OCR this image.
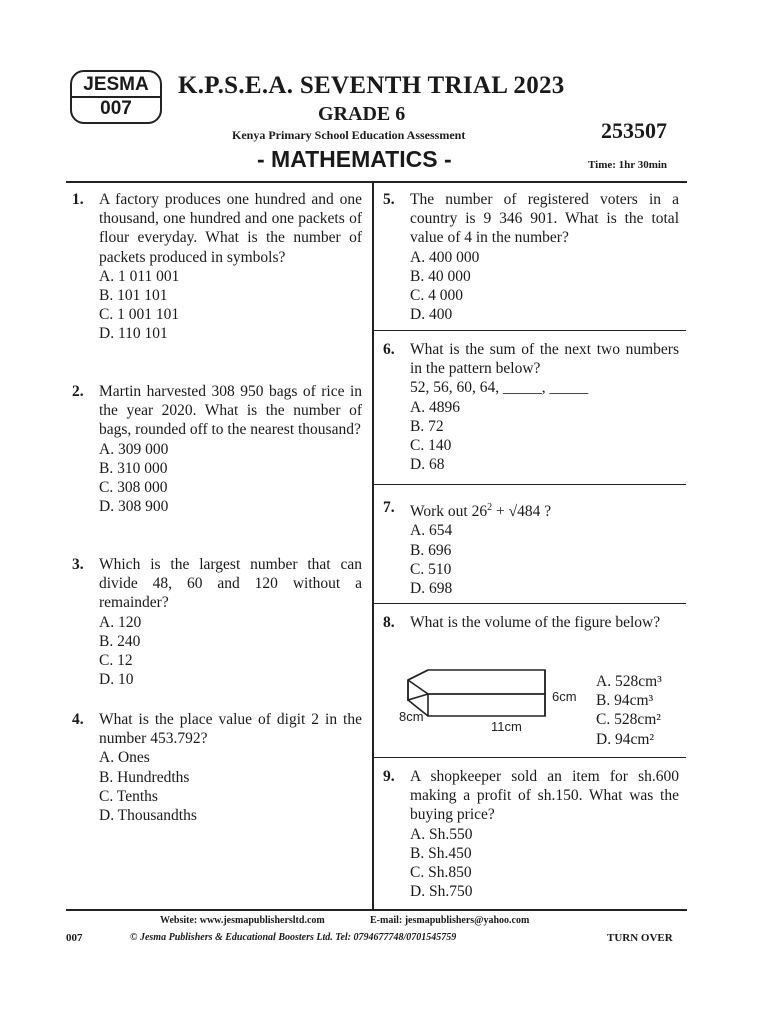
JESMA
007
K.P.S.E.A. SEVENTH TRIAL 2023
GRADE 6
Kenya Primary School Education Assessment	253507
- MATHEMATICS -	Time: 1hr 30min
1. A factory produces one hundred and one thousand, one hundred and one packets of flour everyday. What is the number of packets produced in symbols?
A. 1 011 001
B. 101 101
C. 1 001 101
D. 110 101
2. Martin harvested 308 950 bags of rice in the year 2020. What is the number of bags, rounded off to the nearest thousand?
A. 309 000
B. 310 000
C. 308 000
D. 308 900
3. Which is the largest number that can divide 48, 60 and 120 without a remainder?
A. 120
B. 240
C. 12
D. 10
4. What is the place value of digit 2 in the number 453.792?
A. Ones
B. Hundredths
C. Tenths
D. Thousandths
5. The number of registered voters in a country is 9 346 901. What is the total value of 4 in the number?
A. 400 000
B. 40 000
C. 4 000
D. 400
6. What is the sum of the next two numbers in the pattern below?
52, 56, 60, 64, _____, _____
A. 4896
B. 72
C. 140
D. 68
7. Work out $26^2 + √484$ ?
A. 654
B. 696
C. 510
D. 698
8. What is the volume of the figure below?
6cm
8cm
11cm
A. 528cm³
B. 94cm³
C. 528cm²
D. 94cm²
9. A shopkeeper sold an item for sh.600 making a profit of sh.150. What was the buying price?
A. Sh.550
B. Sh.450
C. Sh.850
D. Sh.750
Website: www.jesmapublishersltd.com	E-mail: jesmapublishers@yahoo.com
007	© Jesma Publishers & Educational Boosters Ltd. Tel: 0794677748/0701545759	TURN OVER
